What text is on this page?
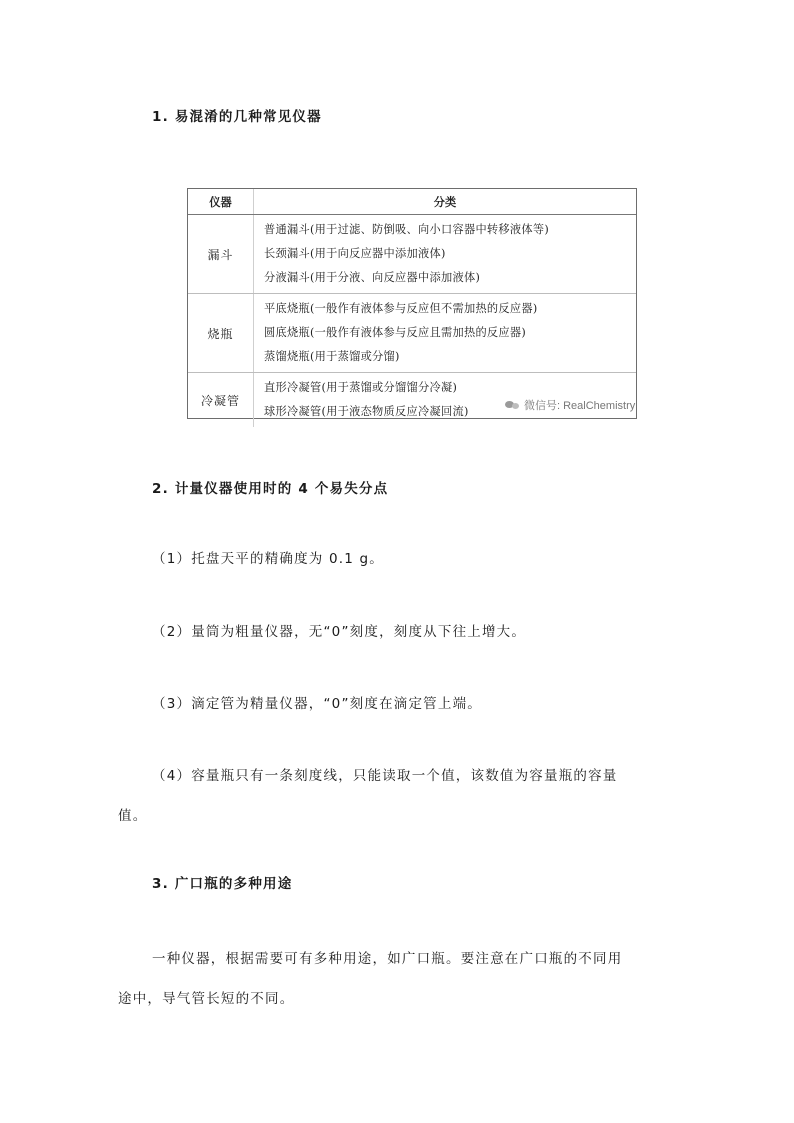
1. 易混淆的几种常见仪器
仪器	分类
漏斗	普通漏斗(用于过滤、防倒吸、向小口容器中转移液体等)
长颈漏斗(用于向反应器中添加液体)
分液漏斗(用于分液、向反应器中添加液体)

烧瓶	平底烧瓶(一般作有液体参与反应但不需加热的反应器)
圆底烧瓶(一般作有液体参与反应且需加热的反应器)
蒸馏烧瓶(用于蒸馏或分馏)

冷凝管	直形冷凝管(用于蒸馏或分馏馏分冷凝)
球形冷凝管(用于液态物质反应冷凝回流)	微信号: RealChemistry
2. 计量仪器使用时的 4 个易失分点

（1）托盘天平的精确度为 0.1 g。

（2）量筒为粗量仪器，无“0”刻度，刻度从下往上增大。

（3）滴定管为精量仪器，“0”刻度在滴定管上端。

（4）容量瓶只有一条刻度线，只能读取一个值，该数值为容量瓶的容量

值。

3. 广口瓶的多种用途

一种仪器，根据需要可有多种用途，如广口瓶。要注意在广口瓶的不同用

途中，导气管长短的不同。
